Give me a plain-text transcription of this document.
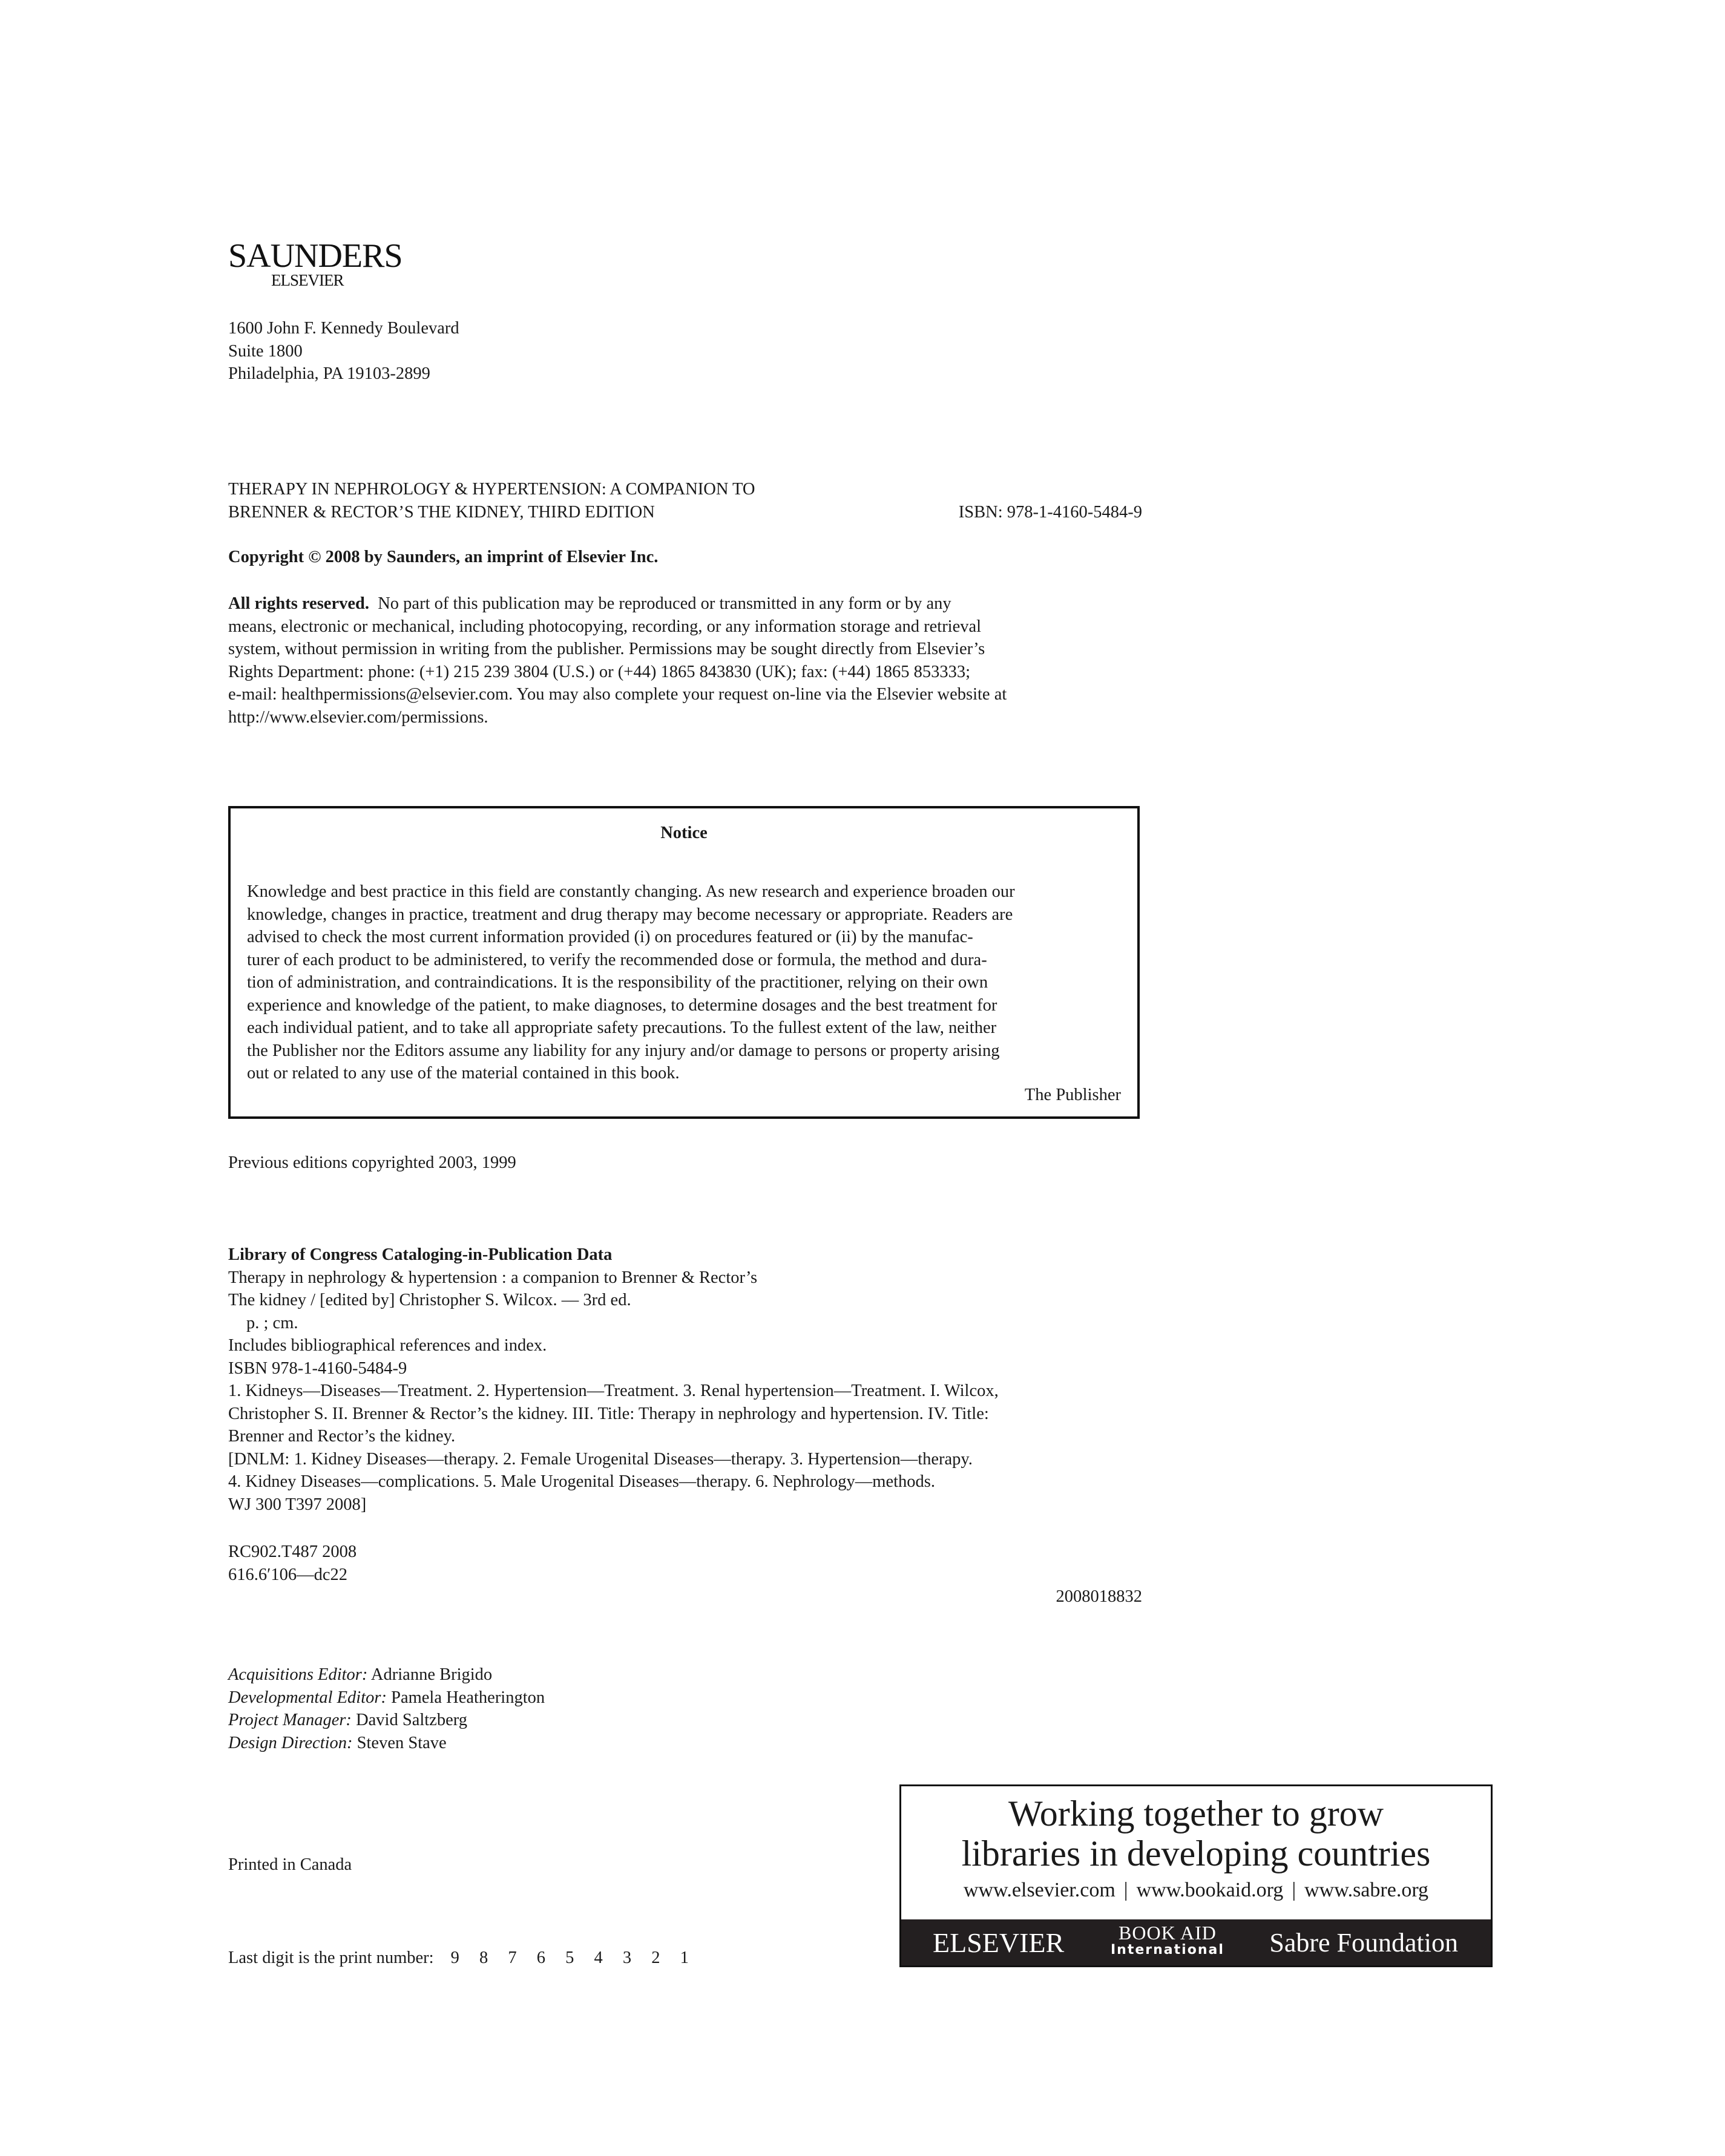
SAUNDERS
ELSEVIER
1600 John F. Kennedy Boulevard
Suite 1800
Philadelphia, PA 19103-2899
THERAPY IN NEPHROLOGY & HYPERTENSION: A COMPANION TO
BRENNER & RECTOR’S THE KIDNEY, THIRD EDITION	ISBN: 978-1-4160-5484-9
Copyright © 2008 by Saunders, an imprint of Elsevier Inc.
All rights reserved.  No part of this publication may be reproduced or transmitted in any form or by any
means, electronic or mechanical, including photocopying, recording, or any information storage and retrieval
system, without permission in writing from the publisher. Permissions may be sought directly from Elsevier’s
Rights Department: phone: (+1) 215 239 3804 (U.S.) or (+44) 1865 843830 (UK); fax: (+44) 1865 853333;
e-mail: healthpermissions@elsevier.com. You may also complete your request on-line via the Elsevier website at
http://www.elsevier.com/permissions.
Notice
Knowledge and best practice in this field are constantly changing. As new research and experience broaden our
knowledge, changes in practice, treatment and drug therapy may become necessary or appropriate. Readers are
advised to check the most current information provided (i) on procedures featured or (ii) by the manufac-
turer of each product to be administered, to verify the recommended dose or formula, the method and dura-
tion of administration, and contraindications. It is the responsibility of the practitioner, relying on their own
experience and knowledge of the patient, to make diagnoses, to determine dosages and the best treatment for
each individual patient, and to take all appropriate safety precautions. To the fullest extent of the law, neither
the Publisher nor the Editors assume any liability for any injury and/or damage to persons or property arising
out or related to any use of the material contained in this book.
The Publisher
Previous editions copyrighted 2003, 1999
Library of Congress Cataloging-in-Publication Data
Therapy in nephrology & hypertension : a companion to Brenner & Rector’s
The kidney / [edited by] Christopher S. Wilcox. — 3rd ed.
p. ; cm.
Includes bibliographical references and index.
ISBN 978-1-4160-5484-9
1. Kidneys—Diseases—Treatment. 2. Hypertension—Treatment. 3. Renal hypertension—Treatment. I. Wilcox,
Christopher S. II. Brenner & Rector’s the kidney. III. Title: Therapy in nephrology and hypertension. IV. Title:
Brenner and Rector’s the kidney.
[DNLM: 1. Kidney Diseases—therapy. 2. Female Urogenital Diseases—therapy. 3. Hypertension—therapy.
4. Kidney Diseases—complications. 5. Male Urogenital Diseases—therapy. 6. Nephrology—methods.
WJ 300 T397 2008]
RC902.T487 2008
616.6′106—dc22
2008018832
Acquisitions Editor: Adrianne Brigido
Developmental Editor: Pamela Heatherington
Project Manager: David Saltzberg
Design Direction: Steven Stave
Printed in Canada
Last digit is the print number: 9 8 7 6 5 4 3 2 1
Working together to grow
libraries in developing countries
www.elsevier.com | www.bookaid.org | www.sabre.org
ELSEVIER	BOOK AID
International Sabre Foundation
